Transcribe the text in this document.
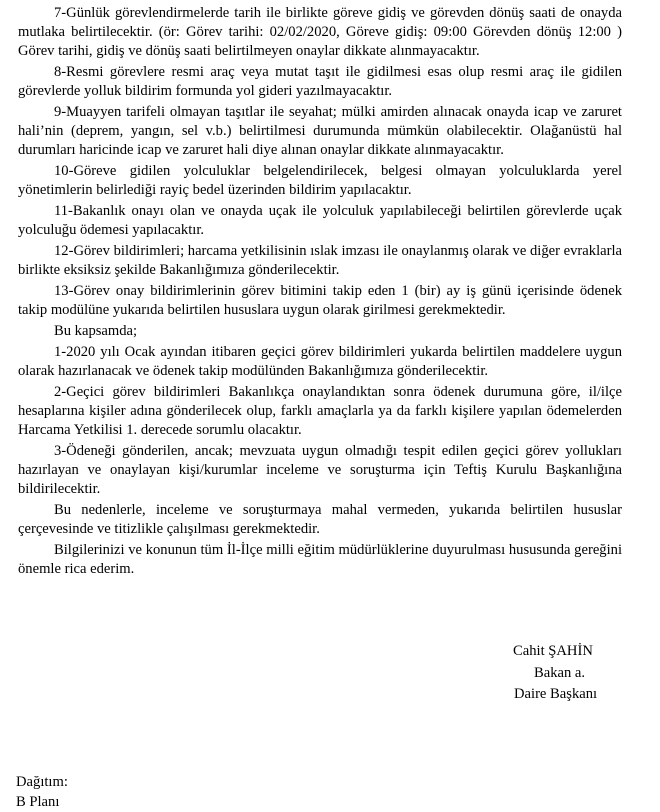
7-Günlük görevlendirmelerde tarih ile birlikte göreve gidiş ve görevden dönüş saati de onayda mutlaka belirtilecektir. (ör: Görev tarihi: 02/02/2020, Göreve gidiş: 09:00 Görevden dönüş 12:00 ) Görev tarihi, gidiş ve dönüş saati belirtilmeyen onaylar dikkate alınmayacaktır.

8-Resmi görevlere resmi araç veya mutat taşıt ile gidilmesi esas olup resmi araç ile gidilen görevlerde yolluk bildirim formunda yol gideri yazılmayacaktır.

9-Muayyen tarifeli olmayan taşıtlar ile seyahat; mülki amirden alınacak onayda icap ve zaruret hali’nin (deprem, yangın, sel v.b.) belirtilmesi durumunda mümkün olabilecektir. Olağanüstü hal durumları haricinde icap ve zaruret hali diye alınan onaylar dikkate alınmayacaktır.

10-Göreve gidilen yolculuklar belgelendirilecek, belgesi olmayan yolculuklarda yerel yönetimlerin belirlediği rayiç bedel üzerinden bildirim yapılacaktır.

11-Bakanlık onayı olan ve onayda uçak ile yolculuk yapılabileceği belirtilen görevlerde uçak yolculuğu ödemesi yapılacaktır.

12-Görev bildirimleri; harcama yetkilisinin ıslak imzası ile onaylanmış olarak ve diğer evraklarla birlikte eksiksiz şekilde Bakanlığımıza gönderilecektir.

13-Görev onay bildirimlerinin görev bitimini takip eden 1 (bir) ay iş günü içerisinde ödenek takip modülüne yukarıda belirtilen hususlara uygun olarak girilmesi gerekmektedir.

Bu kapsamda;

1-2020 yılı Ocak ayından itibaren geçici görev bildirimleri yukarda belirtilen maddelere uygun olarak hazırlanacak ve ödenek takip modülünden Bakanlığımıza gönderilecektir.

2-Geçici görev bildirimleri Bakanlıkça onaylandıktan sonra ödenek durumuna göre, il/ilçe hesaplarına kişiler adına gönderilecek olup, farklı amaçlarla ya da farklı kişilere yapılan ödemelerden Harcama Yetkilisi 1. derecede sorumlu olacaktır.

3-Ödeneği gönderilen, ancak; mevzuata uygun olmadığı tespit edilen geçici görev yollukları hazırlayan ve onaylayan kişi/kurumlar inceleme ve soruşturma için Teftiş Kurulu Başkanlığına bildirilecektir.

Bu nedenlerle, inceleme ve soruşturmaya mahal vermeden, yukarıda belirtilen hususlar çerçevesinde ve titizlikle çalışılması gerekmektedir.

Bilgilerinizi ve konunun tüm İl-İlçe milli eğitim müdürlüklerine duyurulması hususunda gereğini önemle rica ederim.

Cahit ŞAHİN
Bakan a.
Daire Başkanı
Dağıtım:
B Planı
